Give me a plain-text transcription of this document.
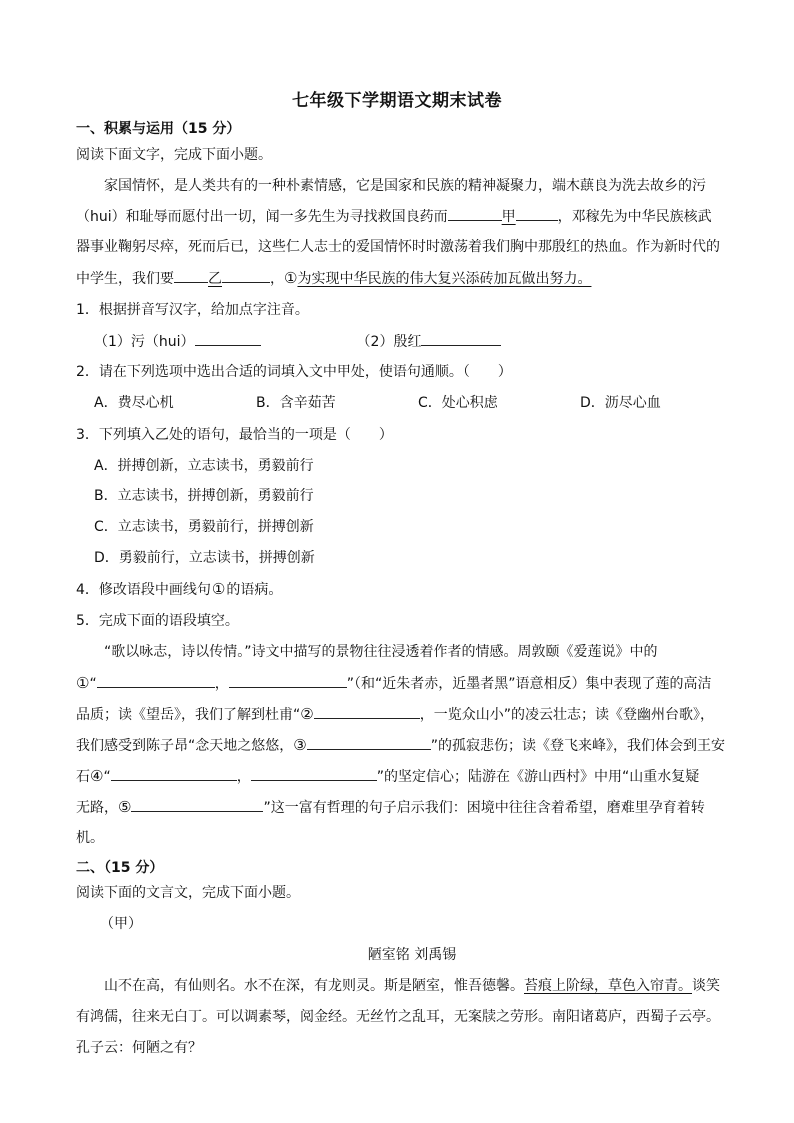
七年级下学期语文期末试卷
一、积累与运用（15 分）
阅读下面文字，完成下面小题。
家国情怀，是人类共有的一种朴素情感，它是国家和民族的精神凝聚力，端木蕻良为洗去故乡的污
（hui）和耻辱而愿付出一切，闻一多先生为寻找救国良药而	甲	，邓稼先为中华民族核武
器事业鞠躬尽瘁，死而后已，这些仁人志士的爱国情怀时时激荡着我们胸中那殷红的热血。作为新时代的
中学生，我们要 乙	，①为实现中华民族的伟大复兴添砖加瓦做出努力。
1．根据拼音写汉字，给加点字注音。
（1）污（hui）	（2）殷红
2．请在下列选项中选出合适的词填入文中甲处，使语句通顺。（　　）
A．费尽心机	B．含辛茹苦	C．处心积虑	D．沥尽心血
3．下列填入乙处的语句，最恰当的一项是（　　）
A．拼搏创新，立志读书，勇毅前行
B．立志读书，拼搏创新，勇毅前行
C．立志读书，勇毅前行，拼搏创新
D．勇毅前行，立志读书，拼搏创新
4．修改语段中画线句①的语病。
5．完成下面的语段填空。
“歌以咏志，诗以传情。”诗文中描写的景物往往浸透着作者的情感。周敦颐《爱莲说》中的
①“	，	”（和“近朱者赤，近墨者黑”语意相反）集中表现了莲的高洁
品质；读《望岳》，我们了解到杜甫“②	，一览众山小”的凌云壮志；读《登幽州台歌》，
我们感受到陈子昂“念天地之悠悠，③	”的孤寂悲伤；读《登飞来峰》，我们体会到王安
石④“	，	”的坚定信心；陆游在《游山西村》中用“山重水复疑
无路，⑤	”这一富有哲理的句子启示我们：困境中往往含着希望，磨难里孕育着转
机。
二、（15 分）
阅读下面的文言文，完成下面小题。
（甲）
陋室铭 刘禹锡
山不在高，有仙则名。水不在深，有龙则灵。斯是陋室，惟吾德馨。苔痕上阶绿，草色入帘青。谈笑
有鸿儒，往来无白丁。可以调素琴，阅金经。无丝竹之乱耳，无案牍之劳形。南阳诸葛庐，西蜀子云亭。
孔子云：何陋之有？
